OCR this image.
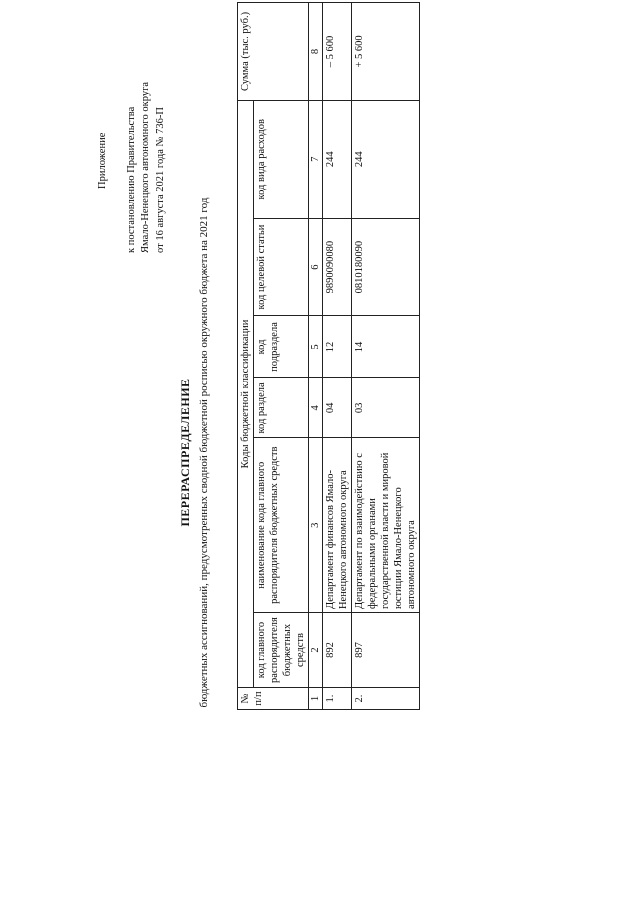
Приложение к постановлению Правительства Ямало-Ненецкого автономного округа от 16 августа 2021 года № 736-П
ПЕРЕРАСПРЕДЕЛЕНИЕ бюджетных ассигнований, предусмотренных сводной бюджетной росписью окружного бюджета на 2021 год	№ п/п	Коды бюджетной классификации						Сумма (тыс. руб.)
	код главного распорядителя бюджетных средств	наименование кода главного распорядителя бюджетных средств	код раздела	код подраздела	код целевой статьи	код вида расходов	
1	2	3	4	5	6	7	8
1.	892	Департамент финансов Ямало-Ненецкого автономного округа	04	12	9890090080	244	– 5 600
2.	897	Департамент по взаимодействию с федеральными органами государственной власти и мировой юстиции Ямало-Ненецкого автономного округа	03	14	0810180090	244	+ 5 600
